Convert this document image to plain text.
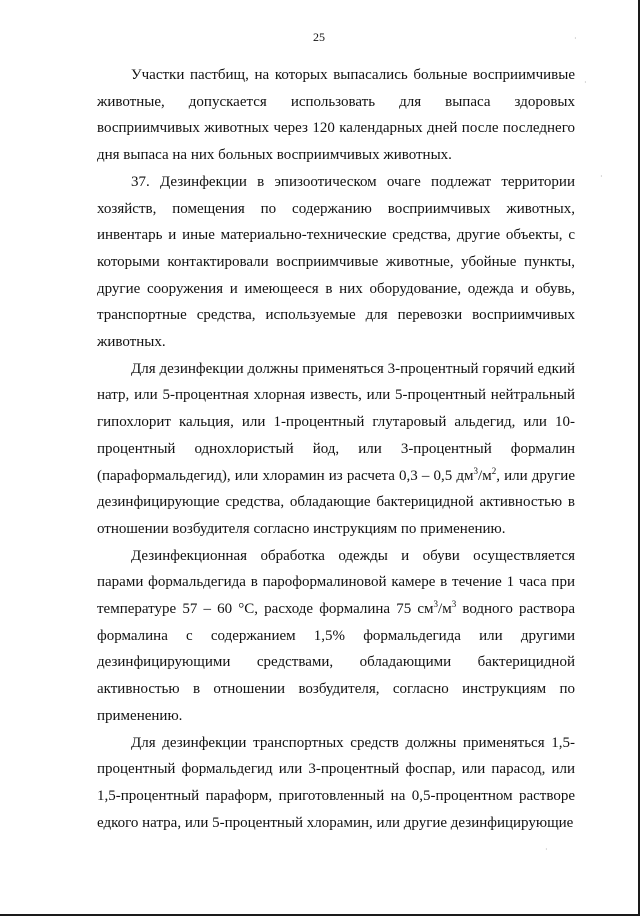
25

Участки пастбищ, на которых выпасались больные восприимчивые животные, допускается использовать для выпаса здоровых восприимчивых животных через 120 календарных дней после последнего дня выпаса на них больных восприимчивых животных.

37. Дезинфекции в эпизоотическом очаге подлежат территории хозяйств, помещения по содержанию восприимчивых животных, инвентарь и иные материально-технические средства, другие объекты, с которыми контактировали восприимчивые животные, убойные пункты, другие сооружения и имеющееся в них оборудование, одежда и обувь, транспортные средства, используемые для перевозки восприимчивых животных.

Для дезинфекции должны применяться 3-процентный горячий едкий натр, или 5-процентная хлорная известь, или 5-процентный нейтральный гипохлорит кальция, или 1-процентный глутаровый альдегид, или 10-процентный однохлористый йод, или 3-процентный формалин (параформальдегид), или хлорамин из расчета 0,3 – 0,5 $дм^3/м^2$, или другие дезинфицирующие средства, обладающие бактерицидной активностью в отношении возбудителя согласно инструкциям по применению.

Дезинфекционная обработка одежды и обуви осуществляется парами формальдегида в пароформалиновой камере в течение 1 часа при температуре 57 – 60 °С, расходе формалина 75 $см^3/м^3$ водного раствора формалина с содержанием 1,5% формальдегида или другими дезинфицирующими средствами, обладающими бактерицидной активностью в отношении возбудителя, согласно инструкциям по применению.

Для дезинфекции транспортных средств должны применяться 1,5-процентный формальдегид или 3-процентный фоспар, или парасод, или 1,5-процентный параформ, приготовленный на 0,5-процентном растворе едкого натра, или 5-процентный хлорамин, или другие дезинфицирующие

·
·
·
·
